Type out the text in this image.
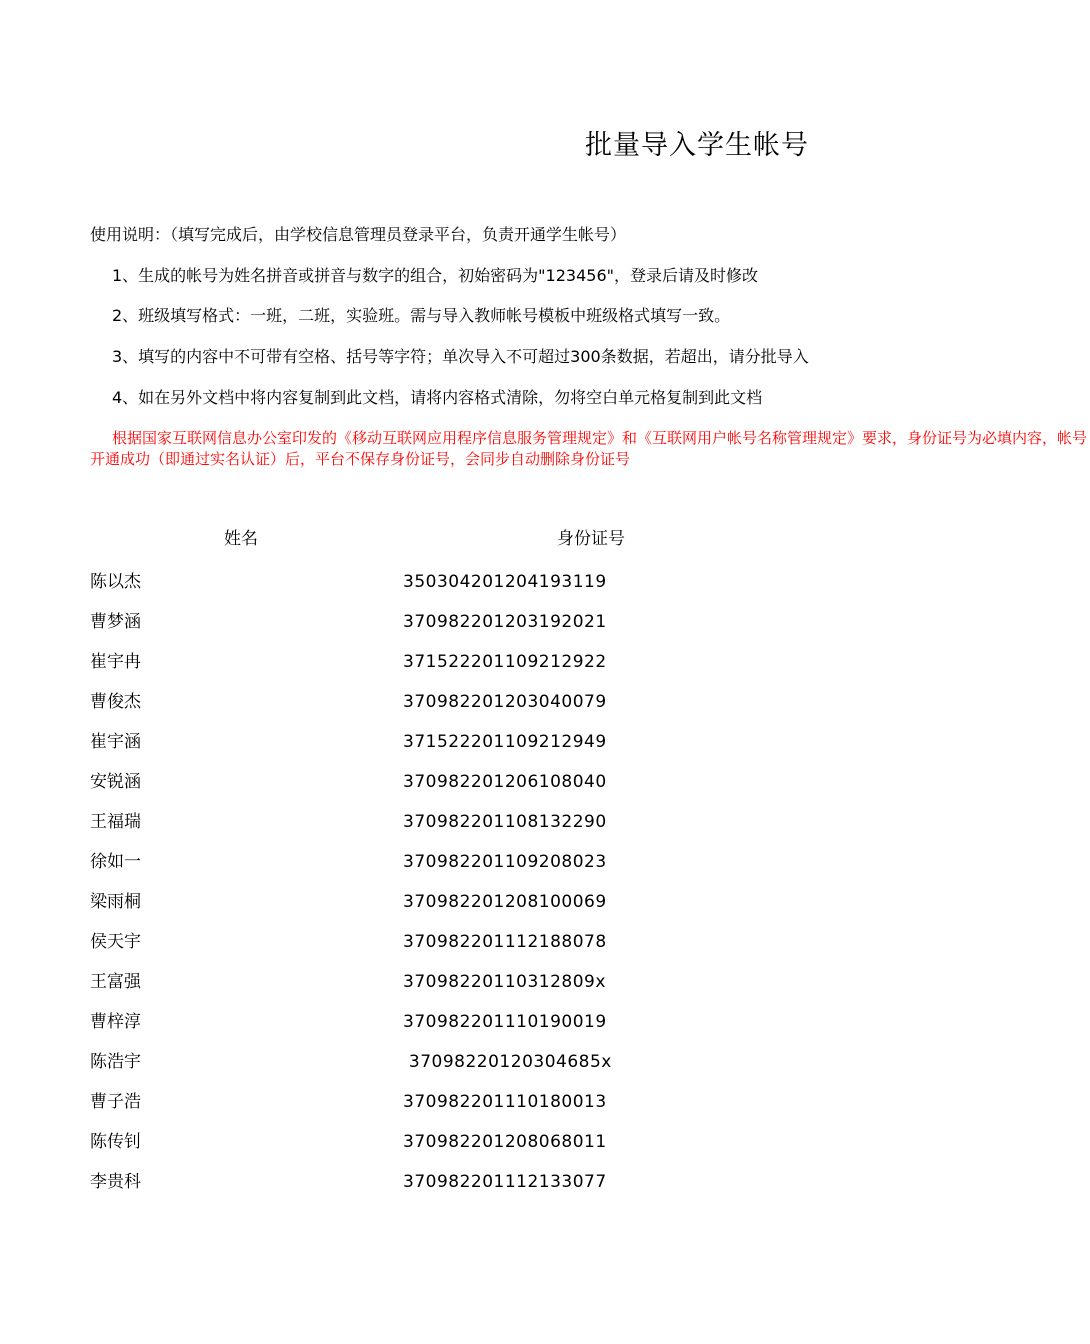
批量导入学生帐号
使用说明：（填写完成后，由学校信息管理员登录平台，负责开通学生帐号）
1、生成的帐号为姓名拼音或拼音与数字的组合，初始密码为"123456"，登录后请及时修改
2、班级填写格式：一班，二班，实验班。需与导入教师帐号模板中班级格式填写一致。
3、填写的内容中不可带有空格、括号等字符；单次导入不可超过300条数据，若超出，请分批导入
4、如在另外文档中将内容复制到此文档，请将内容格式清除，勿将空白单元格复制到此文档
根据国家互联网信息办公室印发的《移动互联网应用程序信息服务管理规定》和《互联网用户帐号名称管理规定》要求，身份证号为必填内容，帐号开通成功（即通过实名认证）后，平台不保存身份证号，会同步自动删除身份证号
姓名	身份证号
陈以杰	350304201204193119
曹梦涵	370982201203192021
崔宇冉	371522201109212922
曹俊杰	370982201203040079
崔宇涵	371522201109212949
安锐涵	370982201206108040
王福瑞	370982201108132290
徐如一	370982201109208023
梁雨桐	370982201208100069
侯天宇	370982201112188078
王富强	37098220110312809x
曹梓淳	370982201110190019
陈浩宇	37098220120304685x
曹子浩	370982201110180013
陈传钊	370982201208068011
李贵科	370982201112133077
